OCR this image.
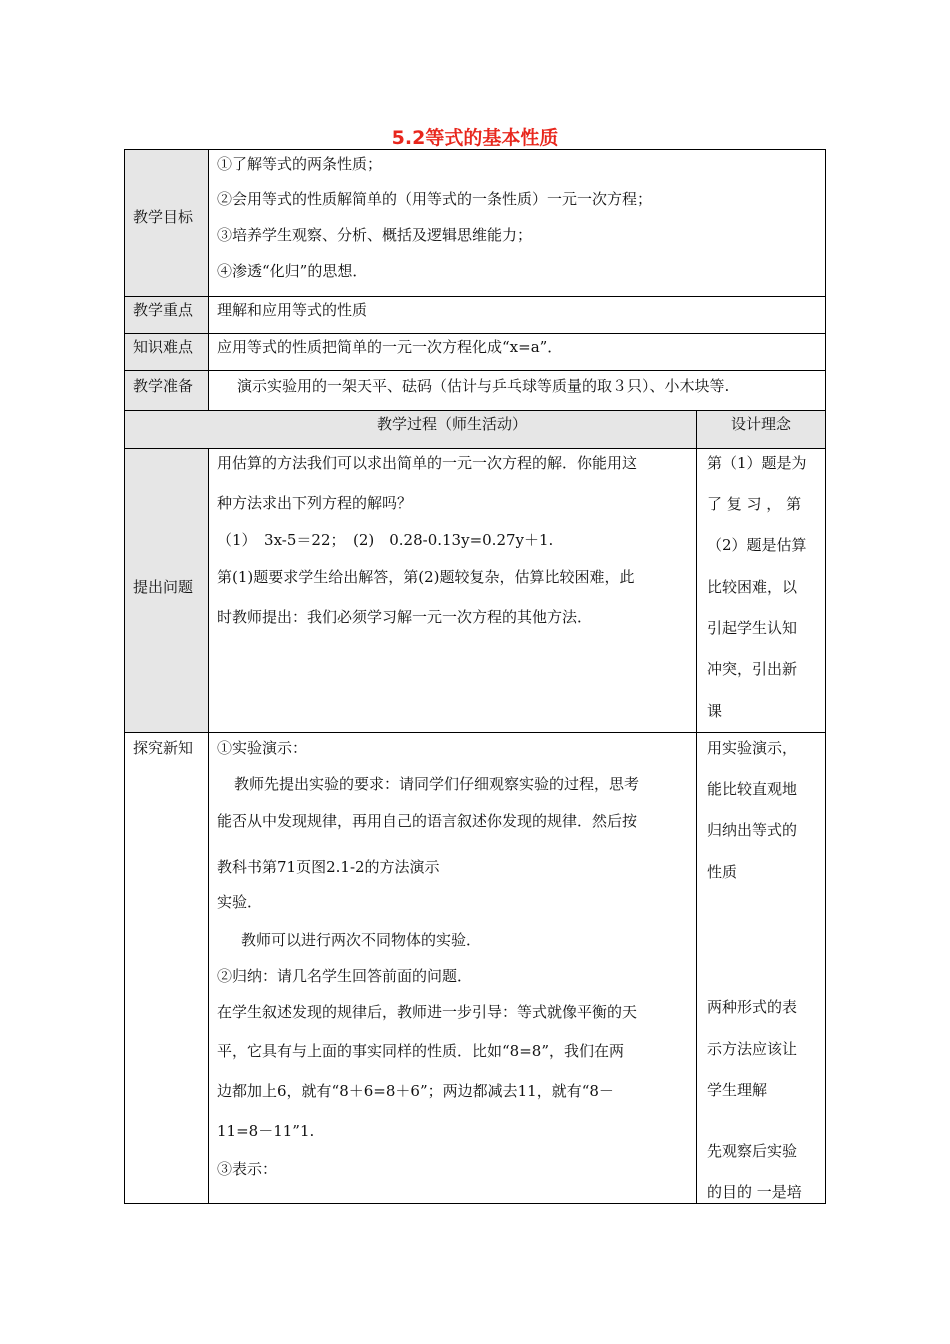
5.2等式的基本性质
教学目标
①了解等式的两条性质；
②会用等式的性质解简单的（用等式的一条性质）一元一次方程；
③培养学生观察、分析、概括及逻辑思维能力；
④渗透“化归”的思想．
教学重点 理解和应用等式的性质
知识难点 应用等式的性质把简单的一元一次方程化成“x=a”．
教学准备	演示实验用的一架天平、砝码（估计与乒乓球等质量的取３只）、小木块等.
教学过程（师生活动）	设计理念
提出问题
用估算的方法我们可以求出简单的一元一次方程的解．你能用这
种方法求出下列方程的解吗？
（1）　3x-5＝22；　(2)　0.28-0.13y=0.27y＋1.
第(1)题要求学生给出解答，第(2)题较复杂，估算比较困难，此
时教师提出：我们必须学习解一元一次方程的其他方法．
第（1）题是为
了 复 习 ， 第
（2）题是估算
比较困难，以
引起学生认知
冲突，引出新
课
探究新知 ①实验演示：
教师先提出实验的要求：请同学们仔细观察实验的过程，思考
能否从中发现规律，再用自己的语言叙述你发现的规律．然后按
教科书第71页图2.1-2的方法演示
实验．
教师可以进行两次不同物体的实验．
②归纳：请几名学生回答前面的问题．
在学生叙述发现的规律后，教师进一步引导：等式就像平衡的天
平，它具有与上面的事实同样的性质．比如“8=8”，我们在两
边都加上6，就有“8＋6=8＋6”；两边都减去11，就有“8－
11=8－11”1.
③表示：
用实验演示，
能比较直观地
归纳出等式的
性质
两种形式的表
示方法应该让
学生理解
先观察后实验
的目的 一是培
